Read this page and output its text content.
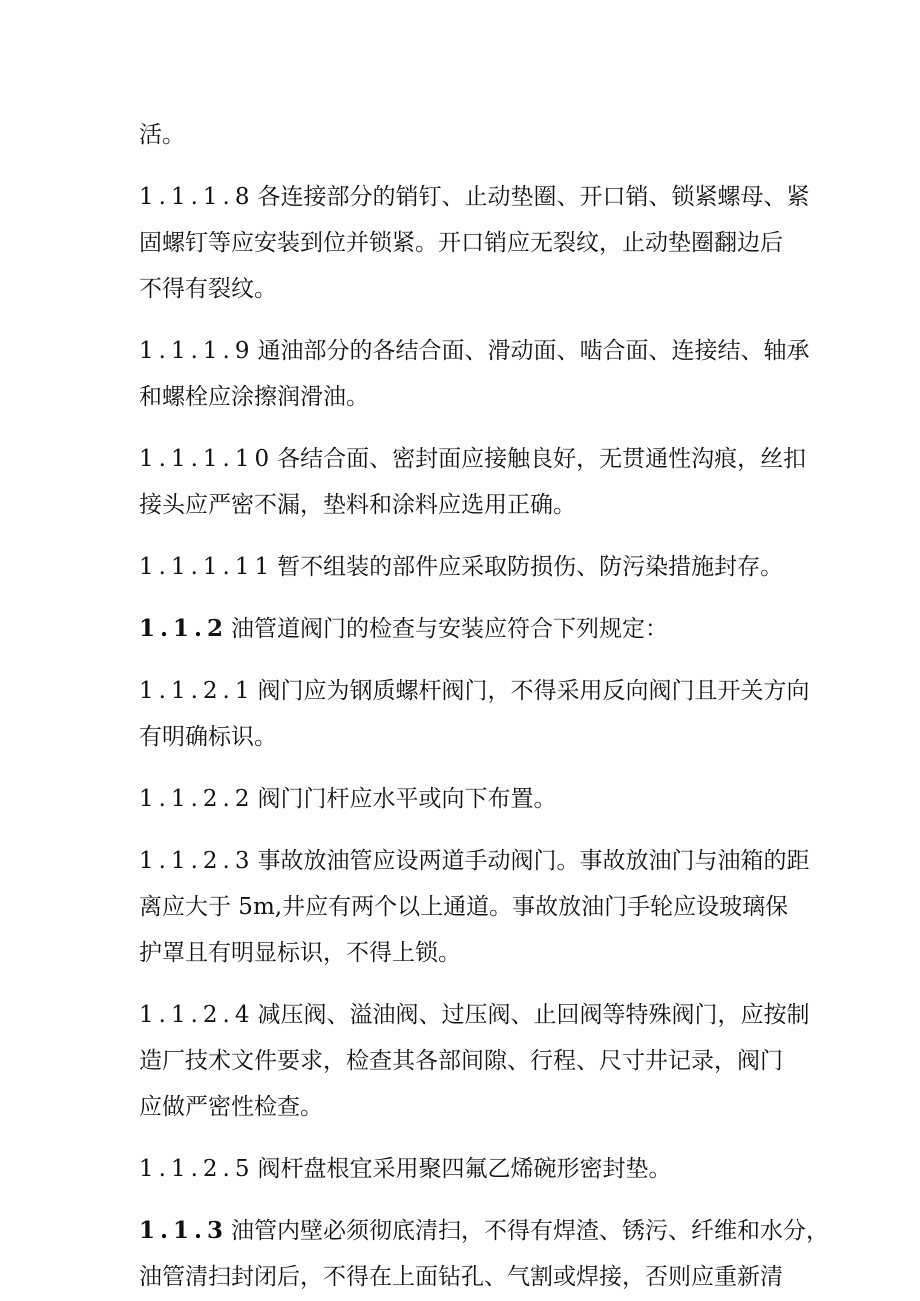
活。
1.1.1.8 各连接部分的销钉、止动垫圈、开口销、锁紧螺母、紧
固螺钉等应安装到位并锁紧。开口销应无裂纹，止动垫圈翻边后
不得有裂纹。
1.1.1.9 通油部分的各结合面、滑动面、啮合面、连接结、轴承
和螺栓应涂擦润滑油。
1.1.1.10 各结合面、密封面应接触良好，无贯通性沟痕，丝扣
接头应严密不漏，垫料和涂料应选用正确。
1.1.1.11 暂不组装的部件应采取防损伤、防污染措施封存。
1.1.2 油管道阀门的检查与安装应符合下列规定：
1.1.2.1 阀门应为钢质螺杆阀门，不得采用反向阀门且开关方向
有明确标识。
1.1.2.2 阀门门杆应水平或向下布置。
1.1.2.3 事故放油管应设两道手动阀门。事故放油门与油箱的距
离应大于 5m,井应有两个以上通道。事故放油门手轮应设玻璃保
护罩且有明显标识，不得上锁。
1.1.2.4 减压阀、溢油阀、过压阀、止回阀等特殊阀门，应按制
造厂技术文件要求，检查其各部间隙、行程、尺寸井记录，阀门
应做严密性检查。
1.1.2.5 阀杆盘根宜采用聚四氟乙烯碗形密封垫。
1.1.3 油管内壁必须彻底清扫，不得有焊渣、锈污、纤维和水分，
油管清扫封闭后，不得在上面钻孔、气割或焊接，否则应重新清
